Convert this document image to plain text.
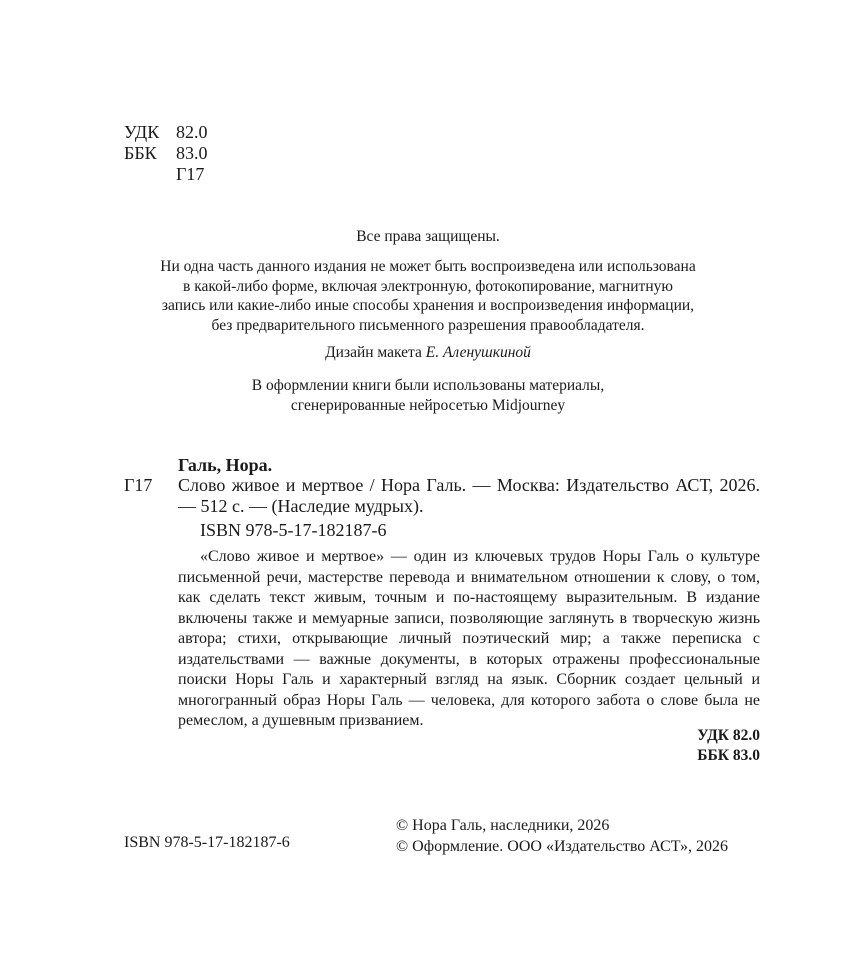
УДК 82.0
ББК	83.0
Г17
Все права защищены.
Ни одна часть данного издания не может быть воспроизведена или использована
в какой-либо форме, включая электронную, фотокопирование, магнитную
запись или какие-либо иные способы хранения и воспроизведения информации,
без предварительного письменного разрешения правообладателя.
Дизайн макета Е. Аленушкиной
В оформлении книги были использованы материалы,
сгенерированные нейросетью Midjourney
Галь, Нора.
Г17 Слово живое и мертвое / Нора Галь. — Москва: Издательство АСТ, 2026. — 512 с. — (Наследие мудрых).
ISBN 978-5-17-182187-6

«Слово живое и мертвое» — один из ключевых трудов Норы Галь о культуре письменной речи, мастерстве перевода и внимательном отношении к слову, о том, как сделать текст живым, точным и по-настоящему выразительным. В издание включены также и мемуарные записи, позволяющие заглянуть в творческую жизнь автора; стихи, открывающие личный поэтический мир; а также переписка с издательствами — важные документы, в которых отражены профессиональные поиски Норы Галь и характерный взгляд на язык. Сборник создает цельный и многогранный образ Норы Галь — человека, для которого забота о слове была не ремеслом, а душевным призванием.

УДК 82.0
ББК 83.0
ISBN 978-5-17-182187-6
© Нора Галь, наследники, 2026
© Оформление. ООО «Издательство АСТ», 2026
